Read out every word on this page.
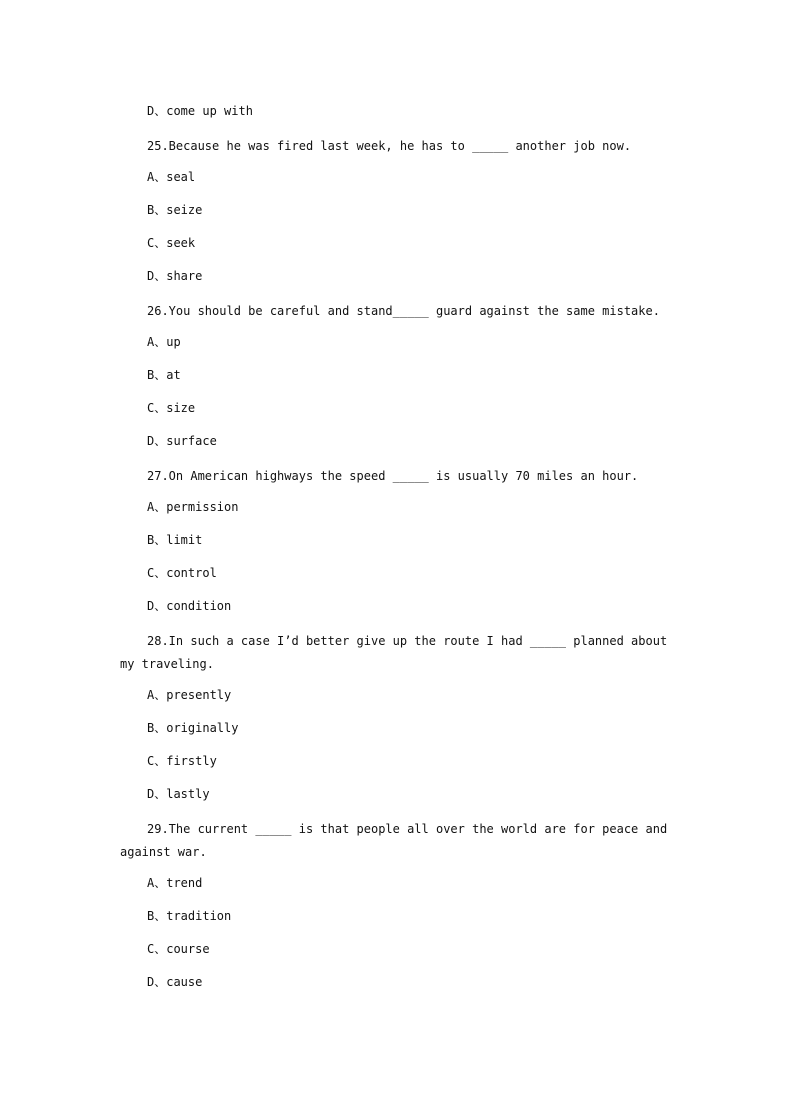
D、come up with
25.Because he was fired last week, he has to _____ another job now.
A、seal
B、seize
C、seek
D、share
26.You should be careful and stand_____ guard against the same mistake.
A、up
B、at
C、size
D、surface
27.On American highways the speed _____ is usually 70 miles an hour.
A、permission
B、limit
C、control
D、condition
28.In such a case I’d better give up the route I had _____ planned about
my traveling.
A、presently
B、originally
C、firstly
D、lastly
29.The current _____ is that people all over the world are for peace and
against war.
A、trend
B、tradition
C、course
D、cause
